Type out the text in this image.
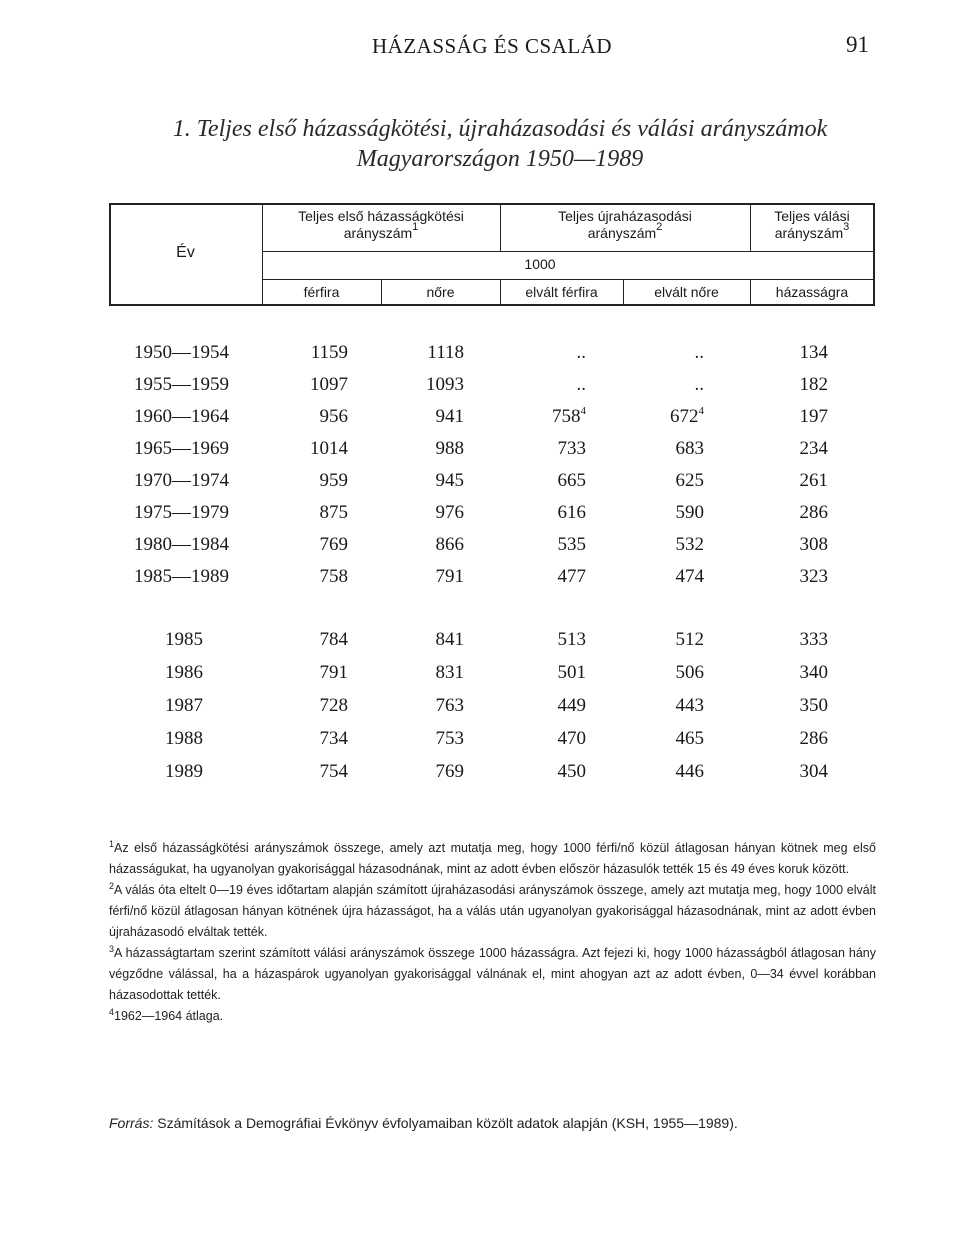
HÁZASSÁG ÉS CSALÁD	91
1. Teljes első házasságkötési, újraházasodási és válási arányszámok
Magyarországon 1950—1989
Év
Teljes első házasságkötési
arányszám$^1$
Teljes újraházasodási
arányszám$^2$
Teljes válási
arányszám$^3$
1000
férfira	nőre	elvált férfira	elvált nőre	házasságra
1950—1954	1159	1118	..	..	134
1955—1959	1097	1093	..	..	182
1960—1964	956	941	$758^4$	$672^4$	197
1965—1969	1014	988	733	683	234
1970—1974	959	945	665	625	261
1975—1979	875	976	616	590	286
1980—1984	769	866	535	532	308
1985—1989	758	791	477	474	323
1985	784	841	513	512	333
1986	791	831	501	506	340
1987	728	763	449	443	350
1988	734	753	470	465	286
1989	754	769	450	446	304

$^1$Az első házasságkötési arányszámok összege, amely azt mutatja meg, hogy 1000 férfi/nő közül átlagosan hányan kötnek meg első házasságukat, ha ugyanolyan gyakorisággal házasodnának, mint az adott évben először házasulók tették 15 és 49 éves koruk között.

$^2$A válás óta eltelt 0—19 éves időtartam alapján számított újraházasodási arányszámok összege, amely azt mutatja meg, hogy 1000 elvált férfi/nő közül átlagosan hányan kötnének újra házasságot, ha a válás után ugyanolyan gyakorisággal házasodnának, mint az adott évben újraházasodó elváltak tették.

$^3$A házasságtartam szerint számított válási arányszámok összege 1000 házasságra. Azt fejezi ki, hogy 1000 házasságból átlagosan hány végződne válással, ha a házaspárok ugyanolyan gyakorisággal válnának el, mint ahogyan azt az adott évben, 0—34 évvel korábban házasodottak tették.

$^4$1962—1964 átlaga.

Forrás: Számítások a Demográfiai Évkönyv évfolyamaiban közölt adatok alapján (KSH, 1955—1989).
